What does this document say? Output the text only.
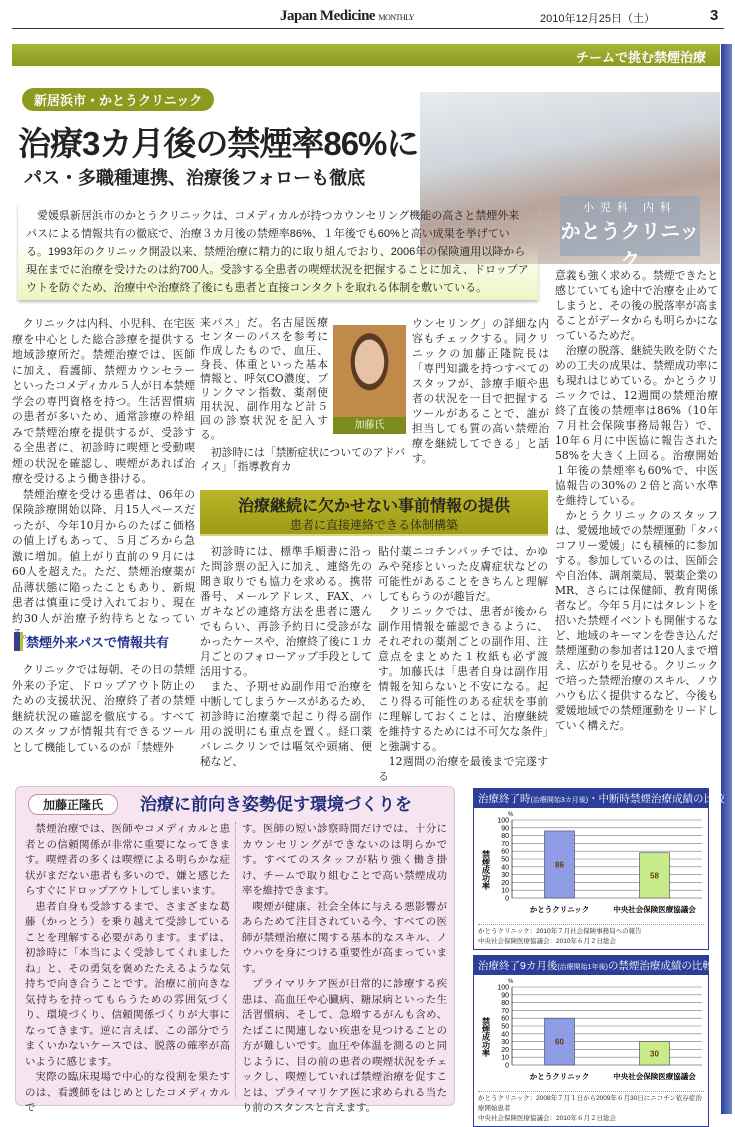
Japan Medicine MONTHLY	2010年12月25日（土）	3
チームで挑む禁煙治療
小児科 内科
かとうクリニック
新居浜市・かとうクリニック
治療3カ月後の禁煙率86%に
パス・多職種連携、治療後フォローも徹底
愛媛県新居浜市のかとうクリニックは、コメディカルが持つカウンセリング機能の高さと禁煙外来パスによる情報共有の徹底で、治療３カ月後の禁煙率86%、１年後でも60%と高い成果を挙げている。1993年のクリニック開設以来、禁煙治療に精力的に取り組んでおり、2006年の保険適用以降から現在までに治療を受けたのは約700人。受診する全患者の喫煙状況を把握することに加え、ドロップアウトを防ぐため、治療中や治療終了後にも患者と直接コンタクトを取れる体制を敷いている。

クリニックは内科、小児科、在宅医療を中心とした総合診療を提供する地域診療所だ。禁煙治療では、医師に加え、看護師、禁煙カウンセラーといったコメディカル５人が日本禁煙学会の専門資格を持つ。生活習慣病の患者が多いため、通常診療の枠組みで禁煙治療を提供するが、受診する全患者に、初診時に喫煙と受動喫煙の状況を確認し、喫煙があれば治療を受けるよう働き掛ける。

禁煙治療を受ける患者は、06年の保険診療開始以降、月15人ペースだったが、今年10月からのたばこ価格の値上げもあって、５月ごろから急激に増加。値上がり直前の９月には60人を超えた。ただ、禁煙治療薬が品薄状態に陥ったこともあり、新規患者は慎重に受け入れており、現在約30人が治療予約待ちとなっている。

禁煙外来パスで情報共有

クリニックでは毎朝、その日の禁煙外来の予定、ドロップアウト防止のための支援状況、治療終了者の禁煙継続状況の確認を徹底する。すべてのスタッフが情報共有できるツールとして機能しているのが「禁煙外

来パス」だ。名古屋医療センターのパスを参考に作成したもので、血圧、身長、体重といった基本情報と、呼気CO濃度、ブリンクマン指数、薬剤使用状況、副作用など計５回の診察状況を記入する。

初診時には「禁断症状についてのアドバイス」「指導教育カ

加藤氏

ウンセリング」の詳細な内容もチェックする。同クリニックの加藤正隆院長は「専門知識を持つすべてのスタッフが、診療手順や患者の状況を一目で把握するツールがあることで、誰が担当しても質の高い禁煙治療を継続してできる」と話す。

治療継続に欠かせない事前情報の提供
患者に直接連絡できる体制構築

初診時には、標準手順書に沿った問診票の記入に加え、連絡先の聞き取りでも協力を求める。携帯番号、メールアドレス、FAX、ハガキなどの連絡方法を患者に選んでもらい、再診予約日に受診がなかったケースや、治療終了後に１カ月ごとのフォローアップ手段として活用する。

また、予期せぬ副作用で治療を中断してしまうケースがあるため、初診時に治療薬で起こり得る副作用の説明にも重点を置く。経口薬バレニクリンでは嘔気や頭痛、便秘など、

貼付薬ニコチンパッチでは、かゆみや発疹といった皮膚症状などの可能性があることをきちんと理解してもらうのが趣旨だ。

クリニックでは、患者が後から副作用情報を確認できるように、それぞれの薬剤ごとの副作用、注意点をまとめた１枚紙も必ず渡す。加藤氏は「患者自身は副作用情報を知らないと不安になる。起こり得る可能性のある症状を事前に理解しておくことは、治療継続を維持するためには不可欠な条件」と強調する。

12週間の治療を最後まで完遂する

意義も強く求める。禁煙できたと感じていても途中で治療を止めてしまうと、その後の脱落率が高まることがデータからも明らかになっているためだ。

治療の脱落、継続失敗を防ぐための工夫の成果は、禁煙成功率にも現れはじめている。かとうクリニックでは、12週間の禁煙治療終了直後の禁煙率は86%（10年７月社会保険事務局報告）で、10年６月に中医協に報告された58%を大きく上回る。治療開始１年後の禁煙率も60%で、中医協報告の30%の２倍と高い水準を維持している。

かとうクリニックのスタッフは、愛媛地域での禁煙運動「タバコフリー愛媛」にも積極的に参加する。参加しているのは、医師会や自治体、調剤薬局、製薬企業のMR、さらには保健師、教育関係者など。今年５月にはタレントを招いた禁煙イベントも開催するなど、地域のキーマンを巻き込んだ禁煙運動の参加者は120人まで増え、広がりを見せる。クリニックで培った禁煙治療のスキル、ノウハウも広く提供するなど、今後も愛媛地域での禁煙運動をリードしていく構えだ。

加藤正隆氏	治療に前向き姿勢促す環境づくりを

禁煙治療では、医師やコメディカルと患者との信頼関係が非常に重要になってきます。喫煙者の多くは喫煙による明らかな症状がまだない患者も多いので、嫌と感じたらすぐにドロップアウトしてしまいます。

患者自身も受診するまで、さまざまな葛藤（かっとう）を乗り越えて受診していることを理解する必要があります。まずは、初診時に「本当によく受診してくれましたね」と、その勇気を褒めたたえるような気持ちで向き合うことです。治療に前向きな気持ちを持ってもらうための雰囲気づくり、環境づくり、信頼関係づくりが大事になってきます。逆に言えば、この部分でうまくいかないケースでは、脱落の確率が高いように感じます。

実際の臨床現場で中心的な役割を果たすのは、看護師をはじめとしたコメディカルで

す。医師の短い診察時間だけでは、十分にカウンセリングができないのは明らかです。すべてのスタッフが粘り強く働き掛け、チームで取り組むことで高い禁煙成功率を維持できます。

喫煙が健康、社会全体に与える悪影響があらためて注目されている今、すべての医師が禁煙治療に関する基本的なスキル、ノウハウを身につける重要性が高まっています。

プライマリケア医が日常的に診療する疾患は、高血圧や心臓病、糖尿病といった生活習慣病、そして、急増するがんも含め、たばこに関連しない疾患を見つけることの方が難しいです。血圧や体温を測るのと同じように、目の前の患者の喫煙状況をチェックし、喫煙していれば禁煙治療を促すことは、プライマリケア医に求められる当たり前のスタンスと言えます。

治療終了時(治療開始3カ月後)・中断時禁煙治療成績の比較
%
禁煙成功率
0
10
20
30
40
50
60
70
80
90
100
86
かとうクリニック
58
中央社会保険医療協議会
かとうクリニック：2010年７月社会保険事務局への報告
中央社会保険医療協議会：2010年６月２日総会
治療終了9カ月後(治療開始1年後)の禁煙治療成績の比較
%
禁煙成功率
0
10
20
30
40
50
60
70
80
90
100
60
かとうクリニック
30
中央社会保険医療協議会
かとうクリニック：2008年７月１日から2009年６月30日にニコチン依存症治療開始患者
中央社会保険医療協議会：2010年６月２日総会
